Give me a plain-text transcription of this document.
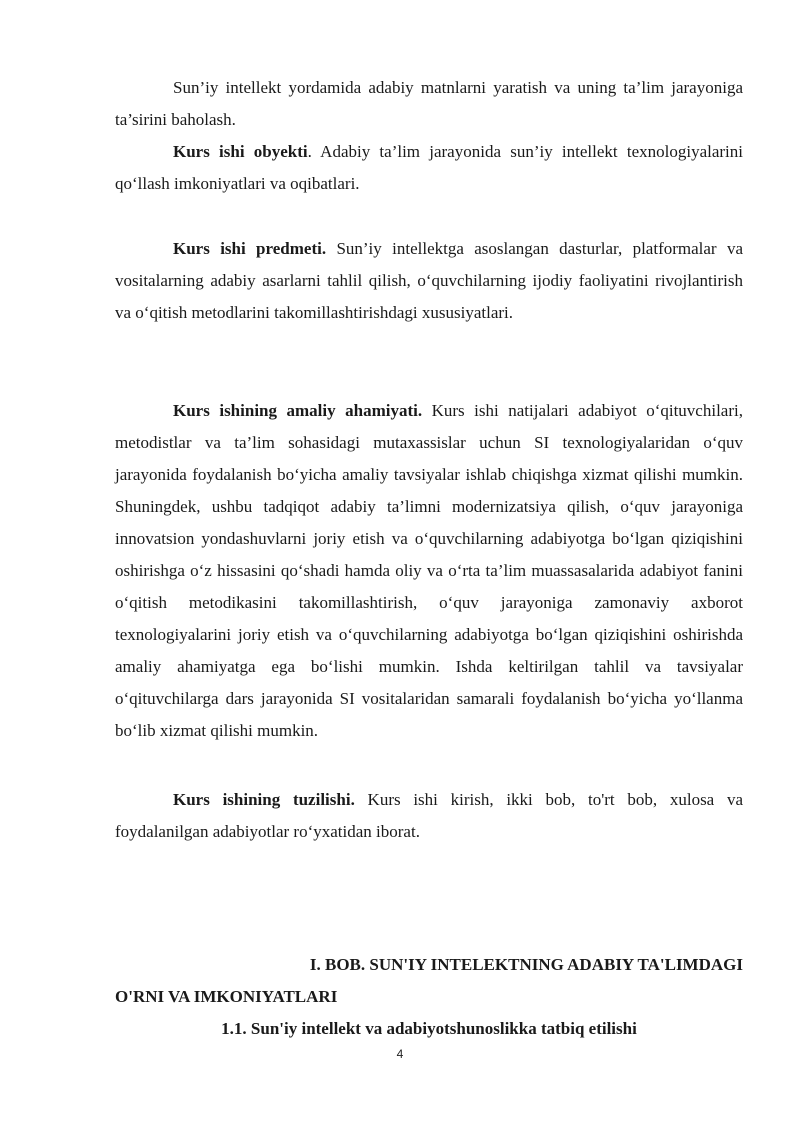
Sun’iy intellekt yordamida adabiy matnlarni yaratish va uning ta’lim jarayoniga ta’sirini baholash.

Kurs ishi obyekti. Adabiy ta’lim jarayonida sun’iy intellekt texnologiyalarini qo‘llash imkoniyatlari va oqibatlari.

Kurs ishi predmeti. Sun’iy intellektga asoslangan dasturlar, platformalar va vositalarning adabiy asarlarni tahlil qilish, o‘quvchilarning ijodiy faoliyatini rivojlantirish va o‘qitish metodlarini takomillashtirishdagi xususiyatlari.

Kurs ishining amaliy ahamiyati. Kurs ishi natijalari adabiyot o‘qituvchilari, metodistlar va ta’lim sohasidagi mutaxassislar uchun SI texnologiyalaridan o‘quv jarayonida foydalanish bo‘yicha amaliy tavsiyalar ishlab chiqishga xizmat qilishi mumkin. Shuningdek, ushbu tadqiqot adabiy ta’limni modernizatsiya qilish, o‘quv jarayoniga innovatsion yondashuvlarni joriy etish va o‘quvchilarning adabiyotga bo‘lgan qiziqishini oshirishga o‘z hissasini qo‘shadi hamda oliy va o‘rta ta’lim muassasalarida adabiyot fanini o‘qitish metodikasini takomillashtirish, o‘quv jarayoniga zamonaviy axborot texnologiyalarini joriy etish va o‘quvchilarning adabiyotga bo‘lgan qiziqishini oshirishda amaliy ahamiyatga ega bo‘lishi mumkin. Ishda keltirilgan tahlil va tavsiyalar o‘qituvchilarga dars jarayonida SI vositalaridan samarali foydalanish bo‘yicha yo‘llanma bo‘lib xizmat qilishi mumkin.

Kurs ishining tuzilishi. Kurs ishi kirish, ikki bob, to'rt bob, xulosa va foydalanilgan adabiyotlar ro‘yxatidan iborat.

I. BOB. SUN'IY INTELEKTNING ADABIY TA'LIMDAGI
O'RNI VA IMKONIYATLARI
1.1. Sun'iy intellekt va adabiyotshunoslikka tatbiq etilishi
4
